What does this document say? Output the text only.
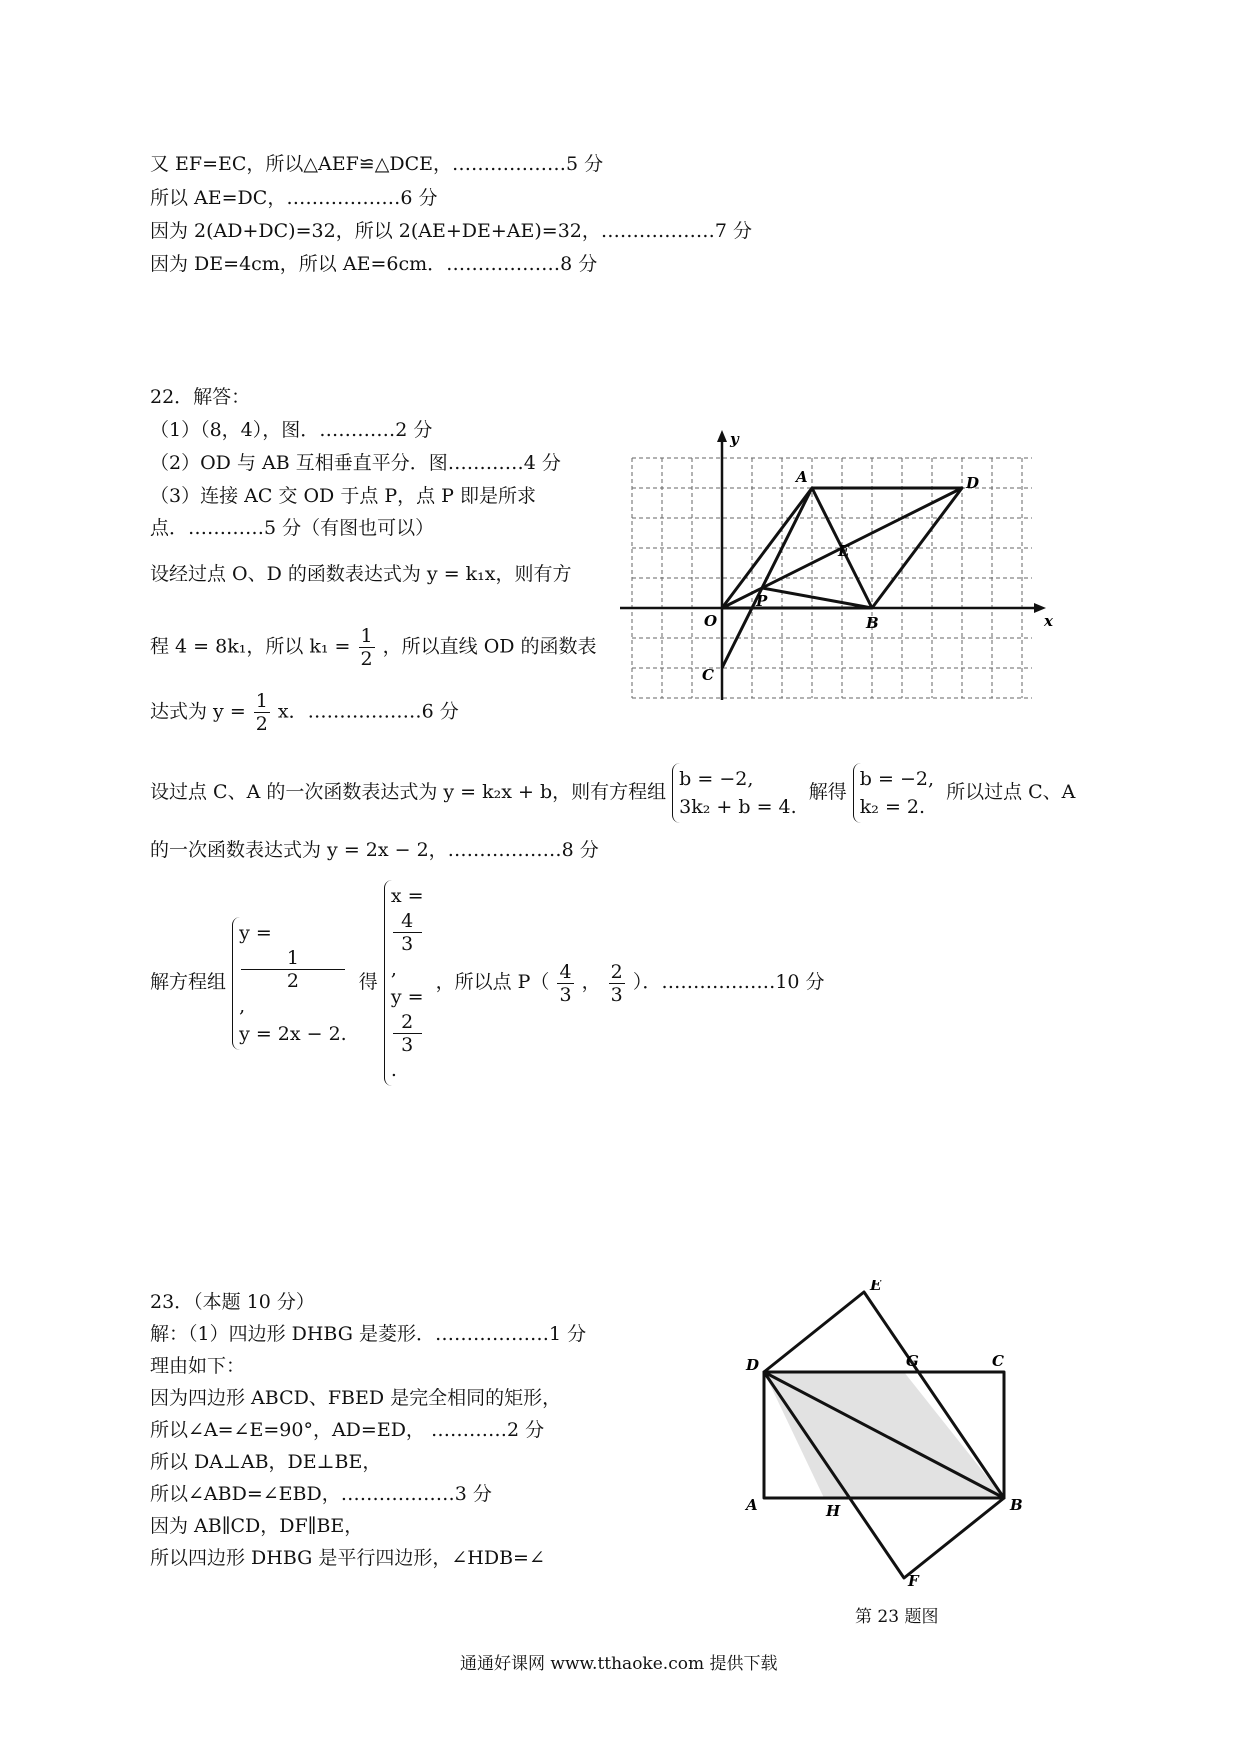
又 EF=EC，所以△AEF≌△DCE，………………5 分
所以 AE=DC，………………6 分
因为 2(AD+DC)=32，所以 2(AE+DE+AE)=32，………………7 分
因为 DE=4cm，所以 AE=6cm．………………8 分
22．解答：
（1）（8，4），图．…………2 分
（2）OD 与 AB 互相垂直平分．图…………4 分
（3）连接 AC 交 OD 于点 P，点 P 即是所求
点．…………5 分（有图也可以）
设经过点 O、D 的函数表达式为 y = k₁x，则有方
程 4 = 8k₁，所以 $k_1 = \frac{1}{2}$ ，所以直线 OD 的函数表
达式为 $y = \frac{1}{2}$ x．………………6 分
设过点 C、A 的一次函数表达式为 y = k₂x + b，则有方程组
b = −2,
3k₂ + b = 4.
解得
b = −2,
k₂ = 2.
所以过点 C、A
的一次函数表达式为 y = 2x − 2，………………8 分
解方程组
y =
1
2
,
y = 2x − 2.
得
x =
4
3
,
y =
2
3
.
，所以点 $P( \frac{4}{3}$ ， $\frac{2}{3}$ ）．………………10 分
x
y
A	D
E
P
O	B
C
23．（本题 10 分）
解：（1）四边形 DHBG 是菱形．………………1 分
理由如下：
因为四边形 ABCD、FBED 是完全相同的矩形，
所以∠A=∠E=90°，AD=ED， …………2 分
所以 DA⊥AB，DE⊥BE，
所以∠ABD=∠EBD，………………3 分
因为 AB∥CD，DF∥BE，
所以四边形 DHBG 是平行四边形，∠HDB=∠
E
D	G	C
A	H	B
F
第 23 题图
通通好课网 www.tthaoke.com 提供下载
